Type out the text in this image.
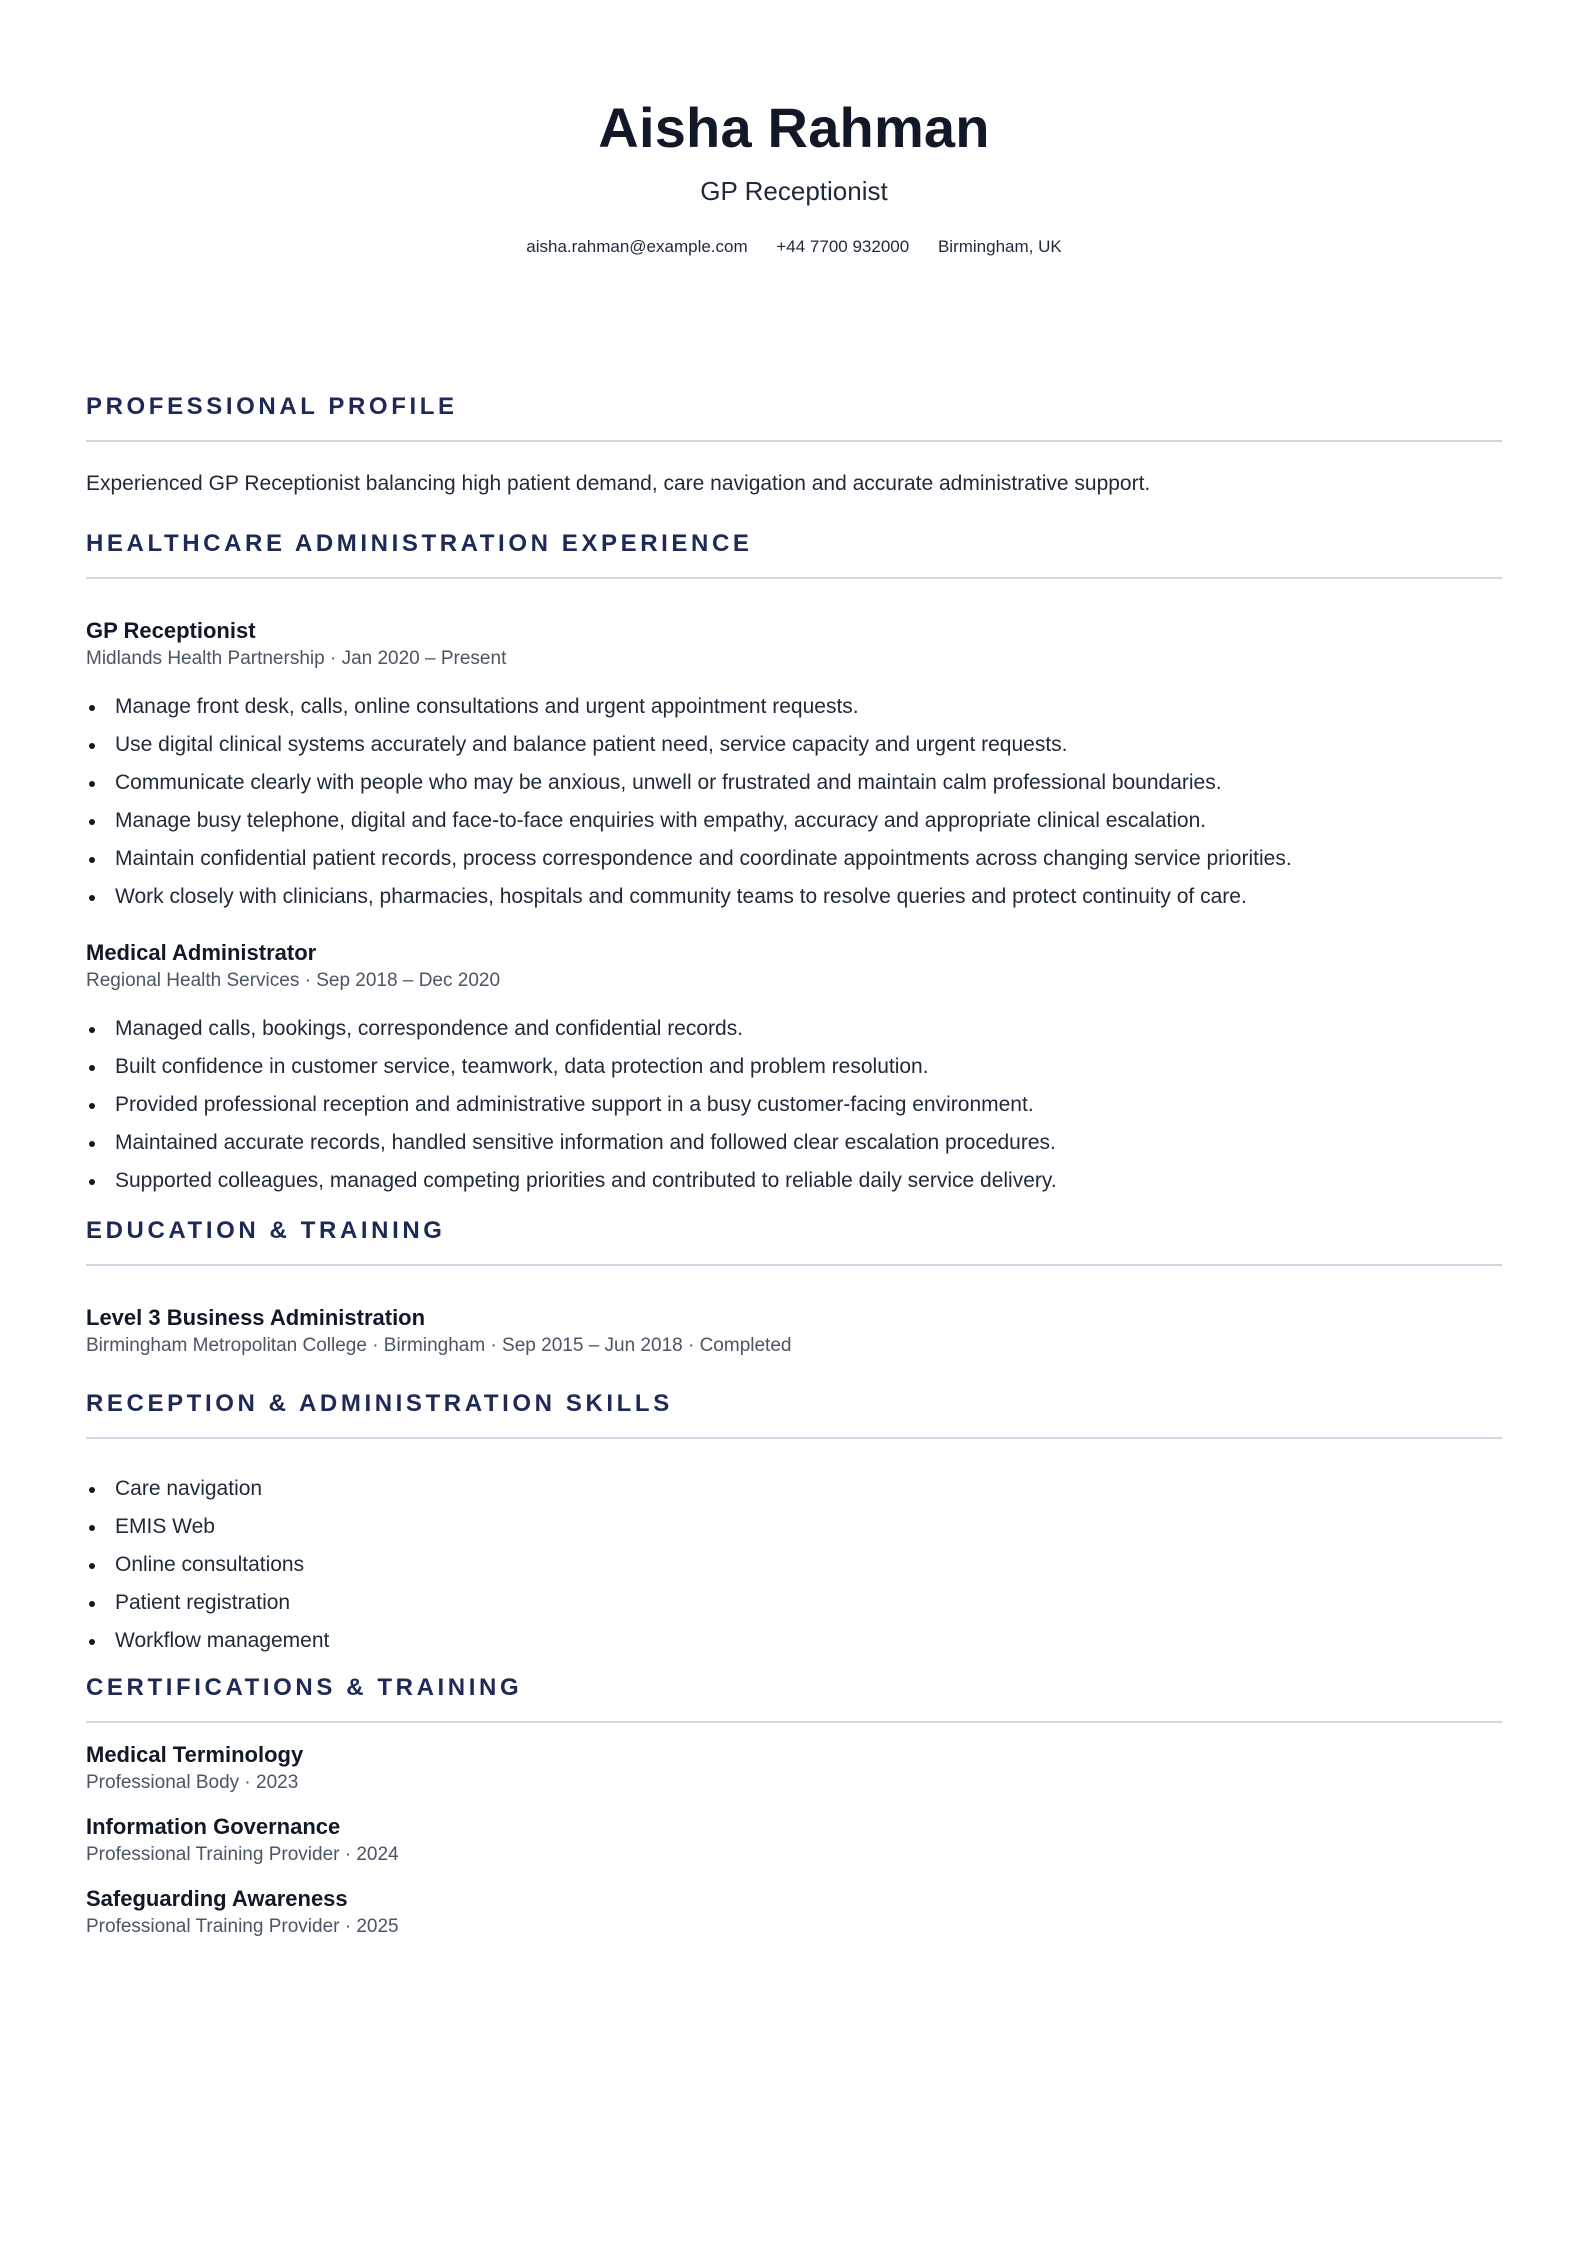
Aisha Rahman
GP Receptionist
aisha.rahman@example.com +44 7700 932000 Birmingham, UK
PROFESSIONAL PROFILE

Experienced GP Receptionist balancing high patient demand, care navigation and accurate administrative support.

HEALTHCARE ADMINISTRATION EXPERIENCE
GP Receptionist
Midlands Health Partnership · Jan 2020 – Present
Manage front desk, calls, online consultations and urgent appointment requests.
Use digital clinical systems accurately and balance patient need, service capacity and urgent requests.
Communicate clearly with people who may be anxious, unwell or frustrated and maintain calm professional boundaries.
Manage busy telephone, digital and face-to-face enquiries with empathy, accuracy and appropriate clinical escalation.
Maintain confidential patient records, process correspondence and coordinate appointments across changing service priorities.
Work closely with clinicians, pharmacies, hospitals and community teams to resolve queries and protect continuity of care.
Medical Administrator
Regional Health Services · Sep 2018 – Dec 2020
Managed calls, bookings, correspondence and confidential records.
Built confidence in customer service, teamwork, data protection and problem resolution.
Provided professional reception and administrative support in a busy customer-facing environment.
Maintained accurate records, handled sensitive information and followed clear escalation procedures.
Supported colleagues, managed competing priorities and contributed to reliable daily service delivery.
EDUCATION & TRAINING
Level 3 Business Administration
Birmingham Metropolitan College · Birmingham · Sep 2015 – Jun 2018 · Completed
RECEPTION & ADMINISTRATION SKILLS
Care navigation
EMIS Web
Online consultations
Patient registration
Workflow management
CERTIFICATIONS & TRAINING
Medical Terminology
Professional Body · 2023
Information Governance
Professional Training Provider · 2024
Safeguarding Awareness
Professional Training Provider · 2025
